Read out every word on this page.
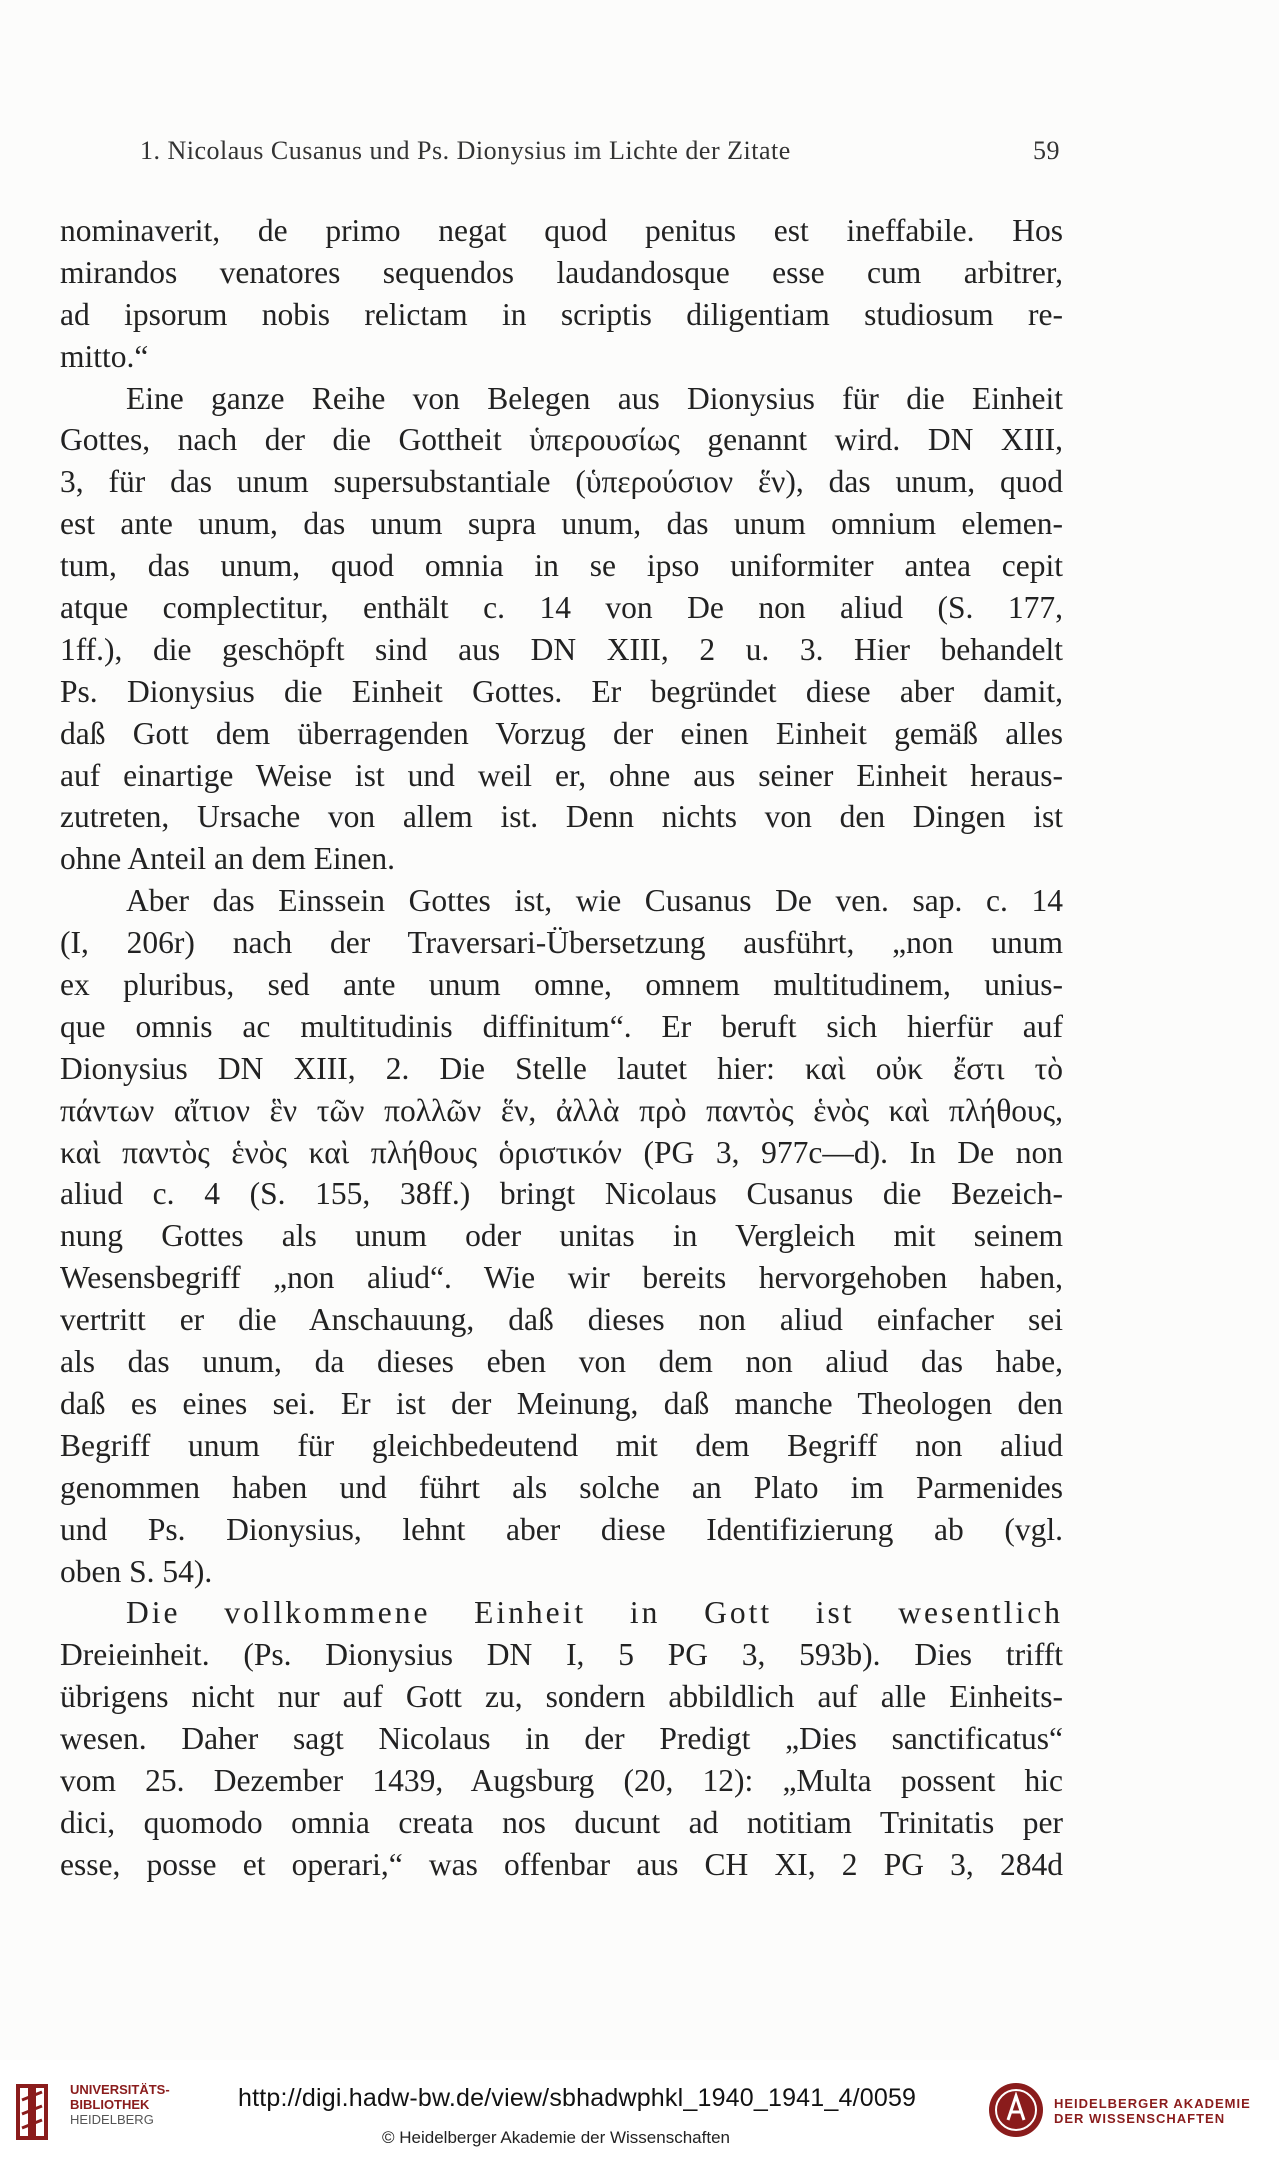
1. Nicolaus Cusanus und Ps. Dionysius im Lichte der Zitate	59
nominaverit, de primo negat quod penitus est ineffabile. Hos
mirandos venatores sequendos laudandosque esse cum arbitrer,
ad ipsorum nobis relictam in scriptis diligentiam studiosum re-
mitto.“
Eine ganze Reihe von Belegen aus Dionysius für die Einheit
Gottes, nach der die Gottheit ὑπερουσίως genannt wird. DN XIII,
3, für das unum supersubstantiale (ὑπερούσιον ἕν), das unum, quod
est ante unum, das unum supra unum, das unum omnium elemen-
tum, das unum, quod omnia in se ipso uniformiter antea cepit
atque complectitur, enthält c. 14 von De non aliud (S. 177,
1ff.), die geschöpft sind aus DN XIII, 2 u. 3. Hier behandelt
Ps. Dionysius die Einheit Gottes. Er begründet diese aber damit,
daß Gott dem überragenden Vorzug der einen Einheit gemäß alles
auf einartige Weise ist und weil er, ohne aus seiner Einheit heraus-
zutreten, Ursache von allem ist. Denn nichts von den Dingen ist
ohne Anteil an dem Einen.
Aber das Einssein Gottes ist, wie Cusanus De ven. sap. c. 14
(I, 206r) nach der Traversari-Übersetzung ausführt, „non unum
ex pluribus, sed ante unum omne, omnem multitudinem, unius-
que omnis ac multitudinis diffinitum“. Er beruft sich hierfür auf
Dionysius DN XIII, 2. Die Stelle lautet hier: καὶ οὐκ ἔστι τὸ
πάντων αἴτιον ἓν τῶν πολλῶν ἕν, ἀλλὰ πρὸ παντὸς ἑνὸς καὶ πλήθους,
καὶ παντὸς ἑνὸς καὶ πλήθους ὁριστικόν (PG 3, 977c—d). In De non
aliud c. 4 (S. 155, 38ff.) bringt Nicolaus Cusanus die Bezeich-
nung Gottes als unum oder unitas in Vergleich mit seinem
Wesensbegriff „non aliud“. Wie wir bereits hervorgehoben haben,
vertritt er die Anschauung, daß dieses non aliud einfacher sei
als das unum, da dieses eben von dem non aliud das habe,
daß es eines sei. Er ist der Meinung, daß manche Theologen den
Begriff unum für gleichbedeutend mit dem Begriff non aliud
genommen haben und führt als solche an Plato im Parmenides
und Ps. Dionysius, lehnt aber diese Identifizierung ab (vgl.
oben S. 54).
Die vollkommene Einheit in Gott ist wesentlich
Dreieinheit. (Ps. Dionysius DN I, 5 PG 3, 593b). Dies trifft
übrigens nicht nur auf Gott zu, sondern abbildlich auf alle Einheits-
wesen. Daher sagt Nicolaus in der Predigt „Dies sanctificatus“
vom 25. Dezember 1439, Augsburg (20, 12): „Multa possent hic
dici, quomodo omnia creata nos ducunt ad notitiam Trinitatis per
esse, posse et operari,“ was offenbar aus CH XI, 2 PG 3, 284d
UNIVERSITÄTS-
BIBLIOTHEK
HEIDELBERG
http://digi.hadw-bw.de/view/sbhadwphkl_1940_1941_4/0059
© Heidelberger Akademie der Wissenschaften
HEIDELBERGER AKADEMIE
DER WISSENSCHAFTEN
